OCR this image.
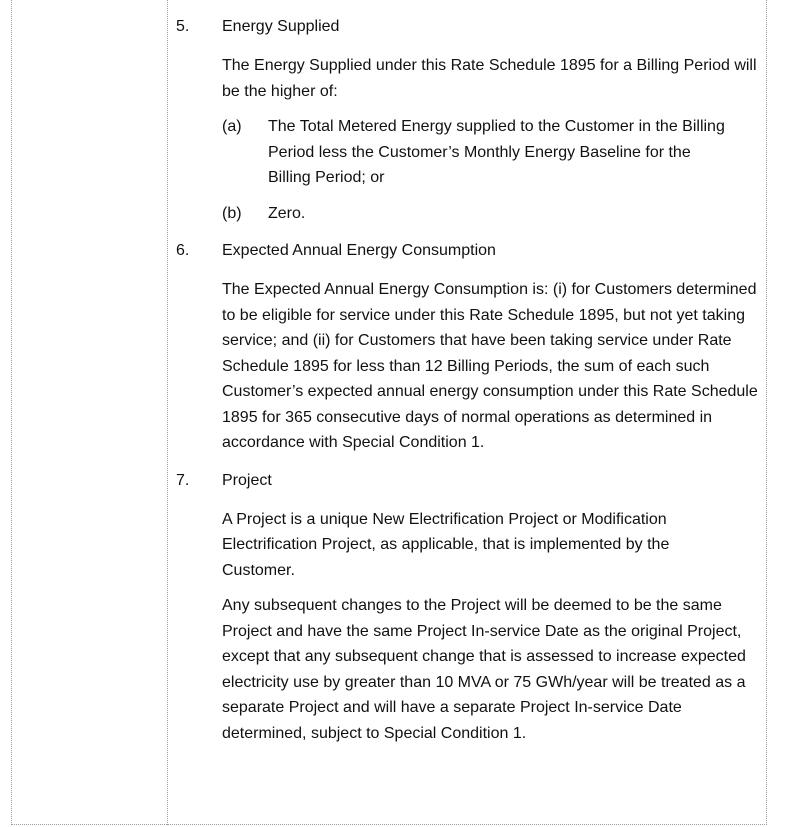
5.	Energy Supplied

The Energy Supplied under this Rate Schedule 1895 for a Billing Period will be the higher of:

(a)	The Total Metered Energy supplied to the Customer in the Billing Period less the Customer’s Monthly Energy Baseline for the Billing Period; or
(b)	Zero.
6.	Expected Annual Energy Consumption

The Expected Annual Energy Consumption is: (i) for Customers determined to be eligible for service under this Rate Schedule 1895, but not yet taking service; and (ii) for Customers that have been taking service under Rate Schedule 1895 for less than 12 Billing Periods, the sum of each such Customer’s expected annual energy consumption under this Rate Schedule 1895 for 365 consecutive days of normal operations as determined in accordance with Special Condition 1.

7.	Project

A Project is a unique New Electrification Project or Modification Electrification Project, as applicable, that is implemented by the Customer.

Any subsequent changes to the Project will be deemed to be the same Project and have the same Project In-service Date as the original Project, except that any subsequent change that is assessed to increase expected electricity use by greater than 10 MVA or 75 GWh/year will be treated as a separate Project and will have a separate Project In-service Date determined, subject to Special Condition 1.
